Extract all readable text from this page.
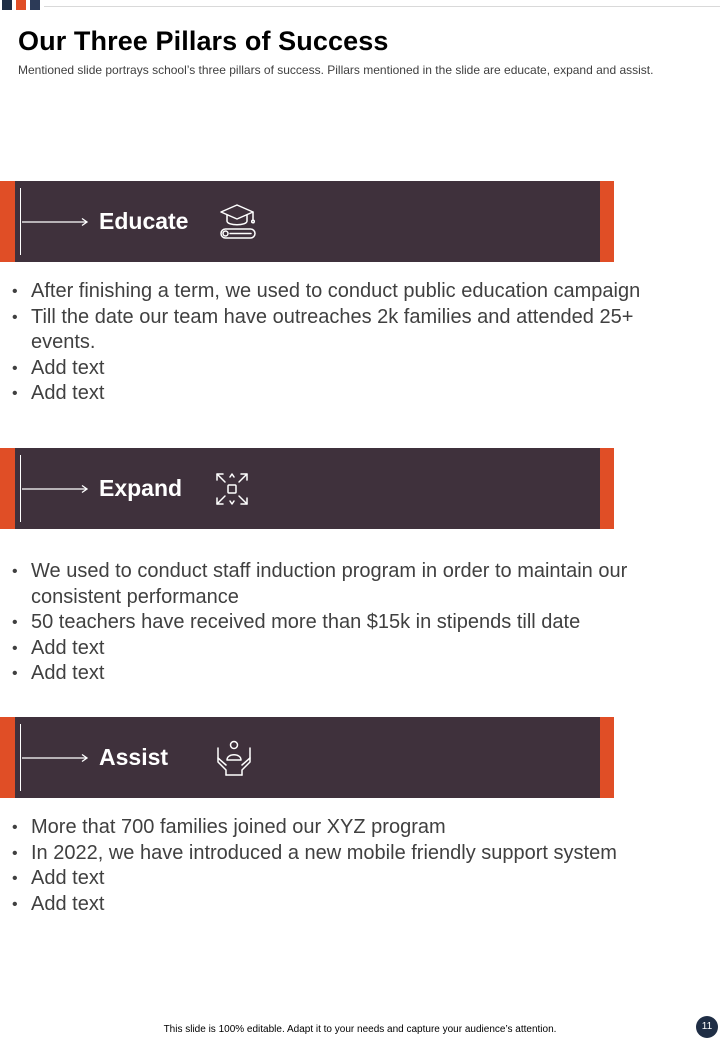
Our Three Pillars of Success

Mentioned slide portrays school’s three pillars of success. Pillars mentioned in the slide are educate, expand and assist.

Educate
• After finishing a term, we used to conduct public education campaign
• Till the date our team have outreaches 2k families and attended 25+ events.
• Add text
• Add text
Expand
• We used to conduct staff induction program in order to maintain our consistent performance
• 50 teachers have received more than $15k in stipends till date
• Add text
• Add text
Assist
• More that 700 families joined our XYZ program
• In 2022, we have introduced a new mobile friendly support system
• Add text
• Add text
This slide is 100% editable. Adapt it to your needs and capture your audience’s attention.	11
